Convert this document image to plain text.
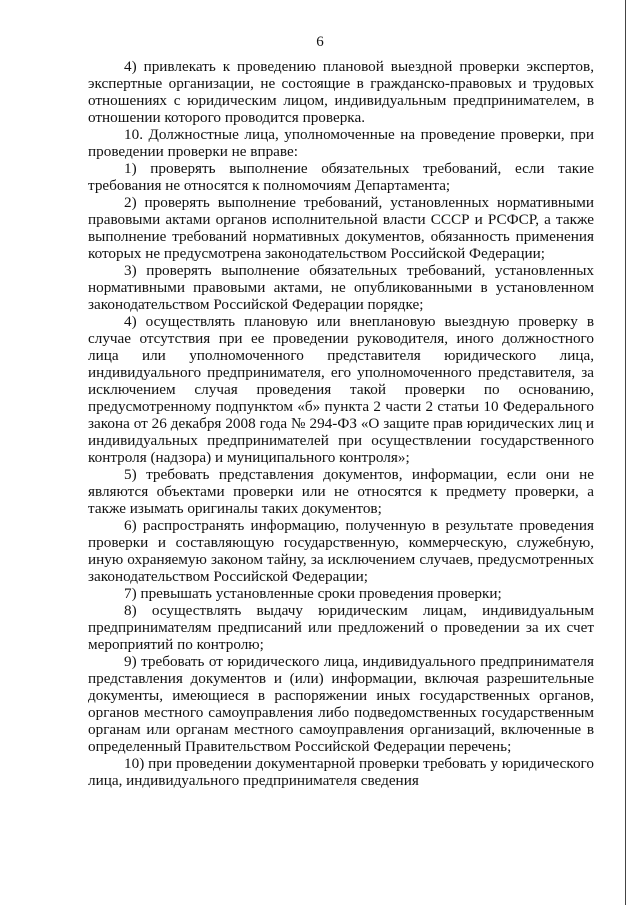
6

4) привлекать к проведению плановой выездной проверки экспертов, экспертные организации, не состоящие в гражданско-правовых и трудовых отношениях с юридическим лицом, индивидуальным предпринимателем, в отношении которого проводится проверка.

10. Должностные лица, уполномоченные на проведение проверки, при проведении проверки не вправе:

1) проверять выполнение обязательных требований, если такие требования не относятся к полномочиям Департамента;

2) проверять выполнение требований, установленных нормативными правовыми актами органов исполнительной власти СССР и РСФСР, а также выполнение требований нормативных документов, обязанность применения которых не предусмотрена законодательством Российской Федерации;

3) проверять выполнение обязательных требований, установленных нормативными правовыми актами, не опубликованными в установленном законодательством Российской Федерации порядке;

4) осуществлять плановую или внеплановую выездную проверку в случае отсутствия при ее проведении руководителя, иного должностного лица или уполномоченного представителя юридического лица, индивидуального предпринимателя, его уполномоченного представителя, за исключением случая проведения такой проверки по основанию, предусмотренному подпунктом «б» пункта 2 части 2 статьи 10 Федерального закона от 26 декабря 2008 года № 294-ФЗ «О защите прав юридических лиц и индивидуальных предпринимателей при осуществлении государственного контроля (надзора) и муниципального контроля»;

5) требовать представления документов, информации, если они не являются объектами проверки или не относятся к предмету проверки, а также изымать оригиналы таких документов;

6) распространять информацию, полученную в результате проведения проверки и составляющую государственную, коммерческую, служебную, иную охраняемую законом тайну, за исключением случаев, предусмотренных законодательством Российской Федерации;

7) превышать установленные сроки проведения проверки;

8) осуществлять выдачу юридическим лицам, индивидуальным предпринимателям предписаний или предложений о проведении за их счет мероприятий по контролю;

9) требовать от юридического лица, индивидуального предпринимателя представления документов и (или) информации, включая разрешительные документы, имеющиеся в распоряжении иных государственных органов, органов местного самоуправления либо подведомственных государственным органам или органам местного самоуправления организаций, включенные в определенный Правительством Российской Федерации перечень;

10) при проведении документарной проверки требовать у юридического лица, индивидуального предпринимателя сведения
